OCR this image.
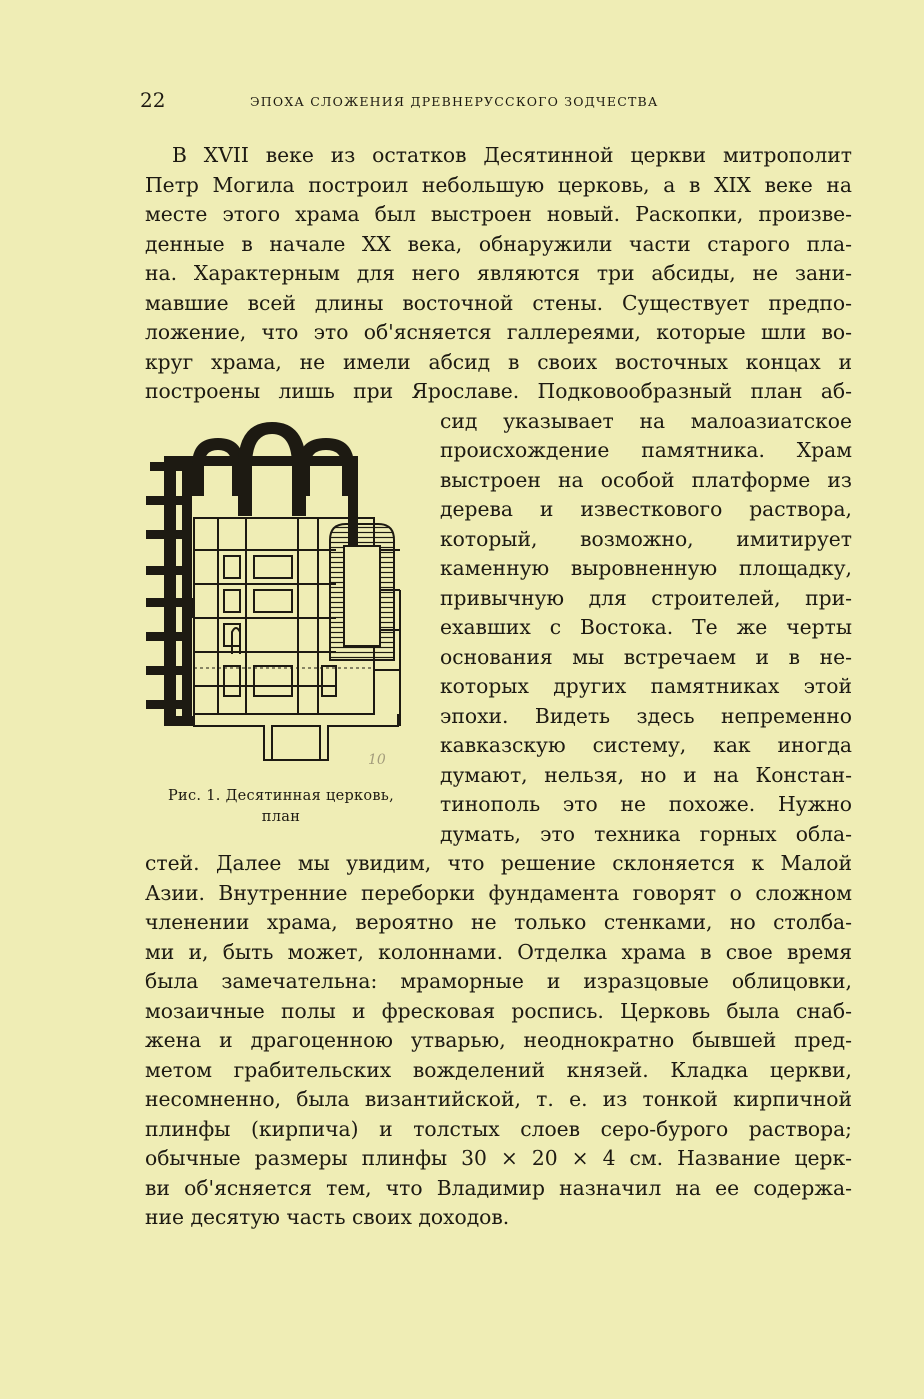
22	ЭПОХА СЛОЖЕНИЯ ДРЕВНЕРУССКОГО ЗОДЧЕСТВА
В XVII веке из остатков Десятинной церкви митрополит
Петр Могила построил небольшую церковь, а в XIX веке на
месте этого храма был выстроен новый. Раскопки, произве-
денные в начале XX века, обнаружили части старого пла-
на. Характерным для него являются три абсиды, не зани-
мавшие всей длины восточной стены. Существует предпо-
ложение, что это об'ясняется галлереями, которые шли во-
круг храма, не имели абсид в своих восточных концах и
построены лишь при Ярославе. Подковообразный план аб-
сид указывает на малоазиатское
происхождение памятника. Храм
выстроен на особой платформе из
дерева и известкового раствора,
который, возможно, имитирует
каменную выровненную площадку,
привычную для строителей, при-
ехавших с Востока. Те же черты
основания мы встречаем и в не-
которых других памятниках этой
эпохи. Видеть здесь непременно
кавказскую систему, как иногда
думают, нельзя, но и на Констан-
тинополь это не похоже. Нужно
думать, это техника горных обла-
стей. Далее мы увидим, что решение склоняется к Малой
Азии. Внутренние переборки фундамента говорят о сложном
членении храма, вероятно не только стенками, но столба-
ми и, быть может, колоннами. Отделка храма в свое время
была замечательна: мраморные и изразцовые облицовки,
мозаичные полы и фресковая роспись. Церковь была снаб-
жена и драгоценною утварью, неоднократно бывшей пред-
метом грабительских вожделений князей. Кладка церкви,
несомненно, была византийской, т. е. из тонкой кирпичной
плинфы (кирпича) и толстых слоев серо-бурого раствора;
обычные размеры плинфы 30 × 20 × 4 см. Название церк-
ви об'ясняется тем, что Владимир назначил на ее содержа-
ние десятую часть своих доходов.
10
Рис. 1. Десятинная церковь,
план
